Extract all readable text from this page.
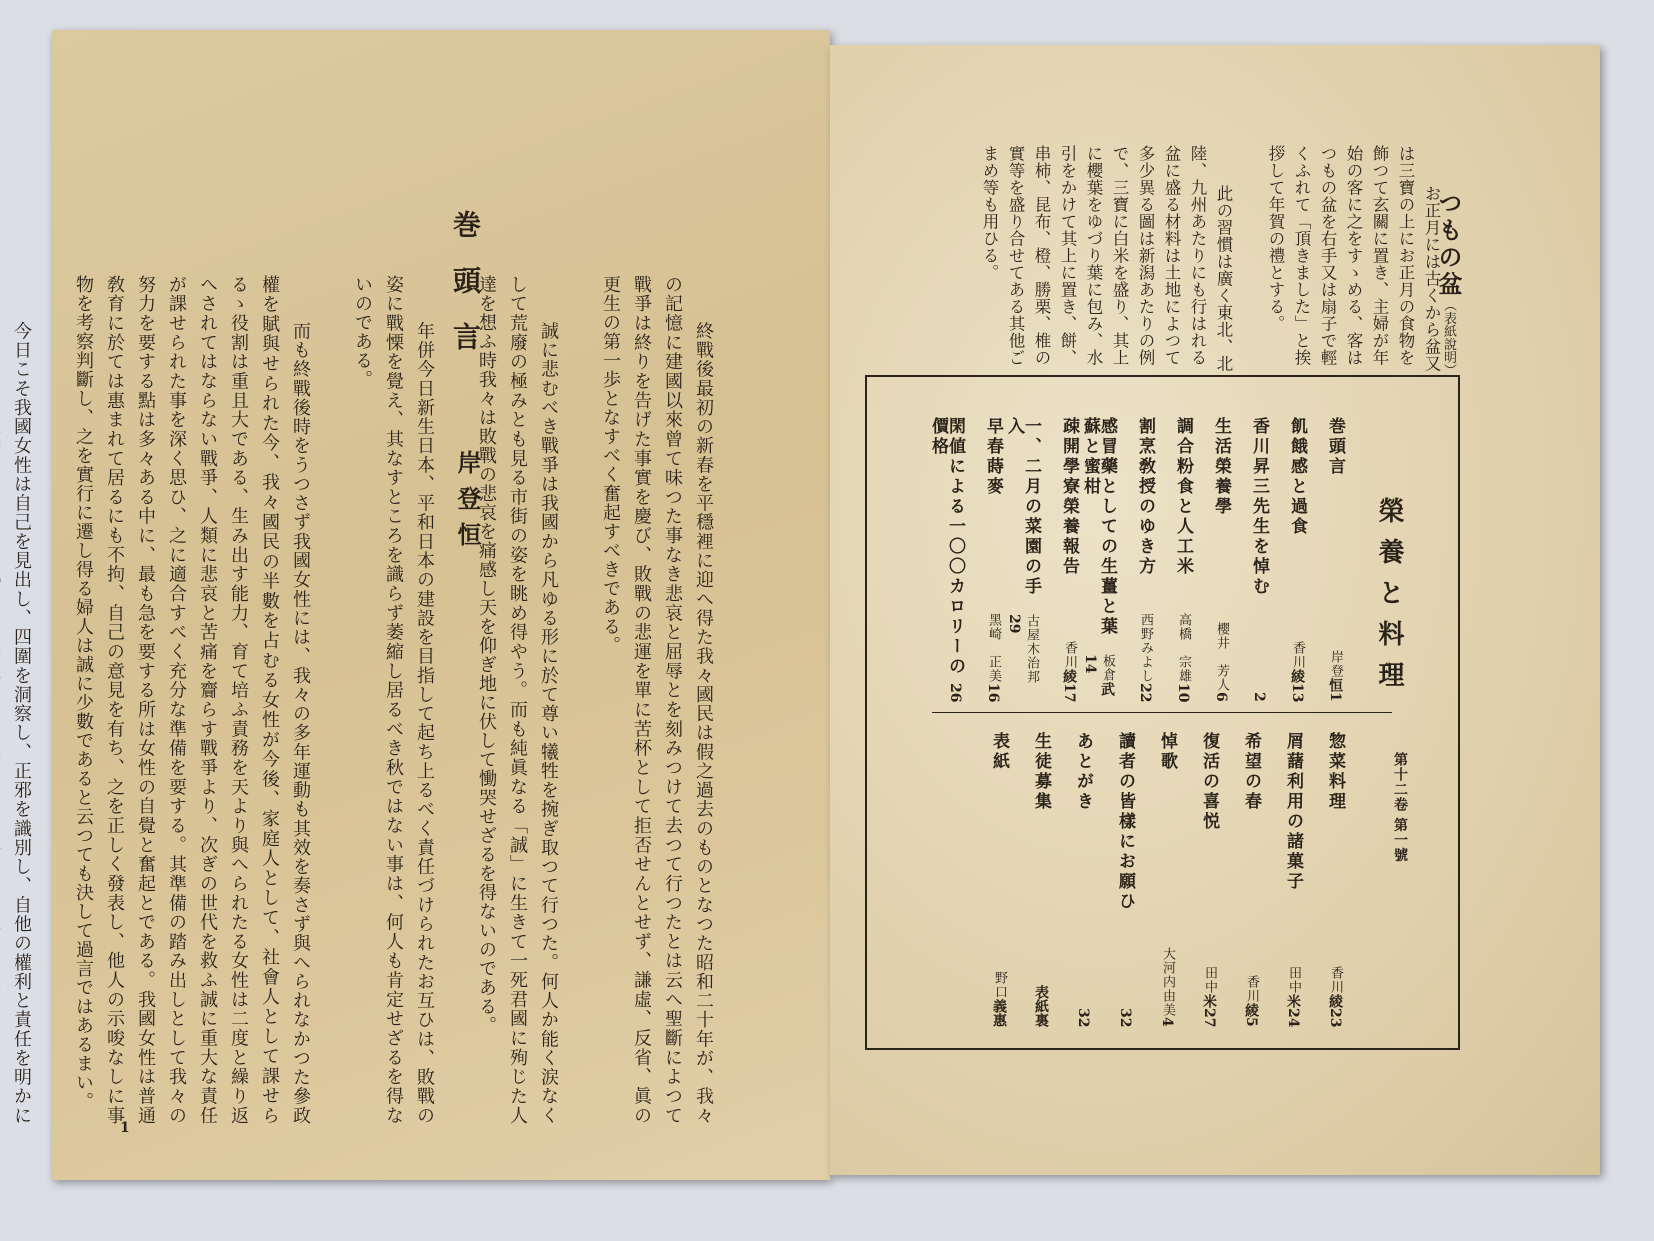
巻頭言
岸登恒	　終戰後最初の新春を平穩裡に迎へ得た我々國民は假之過去のものとなつた昭和二十年が、我々の記憶に建國以來曾て味つた事なき悲哀と屈辱とを刻みつけて去つて行つたとは云へ聖斷によつて戰爭は終りを告げた事實を慶び、敗戰の悲運を單に苦杯として拒否せんとせず、謙虛、反省、眞の更生の第一歩となすべく奮起すべきである。

　誠に悲むべき戰爭は我國から凡ゆる形に於て尊い犧牲を捥ぎ取つて行つた。何人か能く涙なくして荒廢の極みとも見る市街の姿を眺め得やう。而も純眞なる「誠」に生きて一死君國に殉じた人達を想ふ時我々は敗戰の悲哀を痛感し天を仰ぎ地に伏して慟哭せざるを得ないのである。

　年併今日新生日本、平和日本の建設を目指して起ち上るべく責任づけられたお互ひは、敗戰の姿に戰慄を覺え、其なすところを識らず萎縮し居るべき秋ではない事は、何人も肯定せざるを得ないのである。

　而も終戰後時をうつさず我國女性には、我々の多年運動も其效を奏さず與へられなかつた參政權を賦與せられた今、我々國民の半數を占むる女性が今後、家庭人として、社會人として課せらるゝ役割は重且大である、生み出す能力、育て培ふ責務を天より與へられたる女性は二度と繰り返へされてはならない戰爭、人類に悲哀と苦痛を齎らす戰爭より、次ぎの世代を救ふ誠に重大な責任が課せられた事を深く思ひ、之に適合すべく充分な準備を要する。其準備の踏み出しとして我々の努力を要する點は多々ある中に、最も急を要する所は女性の自覺と奮起とである。我國女性は普通敎育に於ては惠まれて居るにも不拘、自己の意見を有ち、之を正しく發表し、他人の示唆なしに事物を考察判斷し、之を實行に遷し得る婦人は誠に少數であると云つても決して過言ではあるまい。

　今日こそ我國女性は自己を見出し、四圍を洞察し、正邪を識別し、自他の權利と責任を明かに

1

つもの盆（表紙說明）

　お正月には古くから盆又は三寶の上にお正月の食物を飾つて玄關に置き、主婦が年始の客に之をすゝめる、客はつもの盆を右手又は扇子で輕くふれて「頂きました」と挨拶して年賀の禮とする。

　此の習慣は廣く東北、北陸、九州あたりにも行はれる盆に盛る材料は土地によつて多少異る圖は新潟あたりの例で、三寶に白米を盛り、其上に櫻葉をゆづり葉に包み、水引をかけて其上に置き、餅、串柿、昆布、橙、勝栗、椎の實等を盛り合せてある其他ごまめ等も用ひる。

榮養と料理
第十二卷 第一號
巻頭言
岸登恒1
飢餓感と過食
香川綾13
香川昇三先生を悼む
2
生活榮養學
櫻井　芳人6
調合粉食と人工米
高橋　宗雄10
割烹敎授のゆき方
西野みよし22
感冒藥としての生薑と葉蘇と蜜柑
板倉武14
疎開學寮榮養報告
香川綾17
一、二月の菜園の手入
古屋木治邦29
早春蒔麥
黑崎　正美16
閑値による一〇〇カロリーの價格
26
惣菜料理
香川綾23
屑藷利用の諸菓子
田中米24
希望の春
香川綾5
復活の喜悦
田中米27
悼歌
大河内由美4
讀者の皆樣にお願ひ
32
あとがき
32
生徒募集
表紙裏
表紙
野口義惠
